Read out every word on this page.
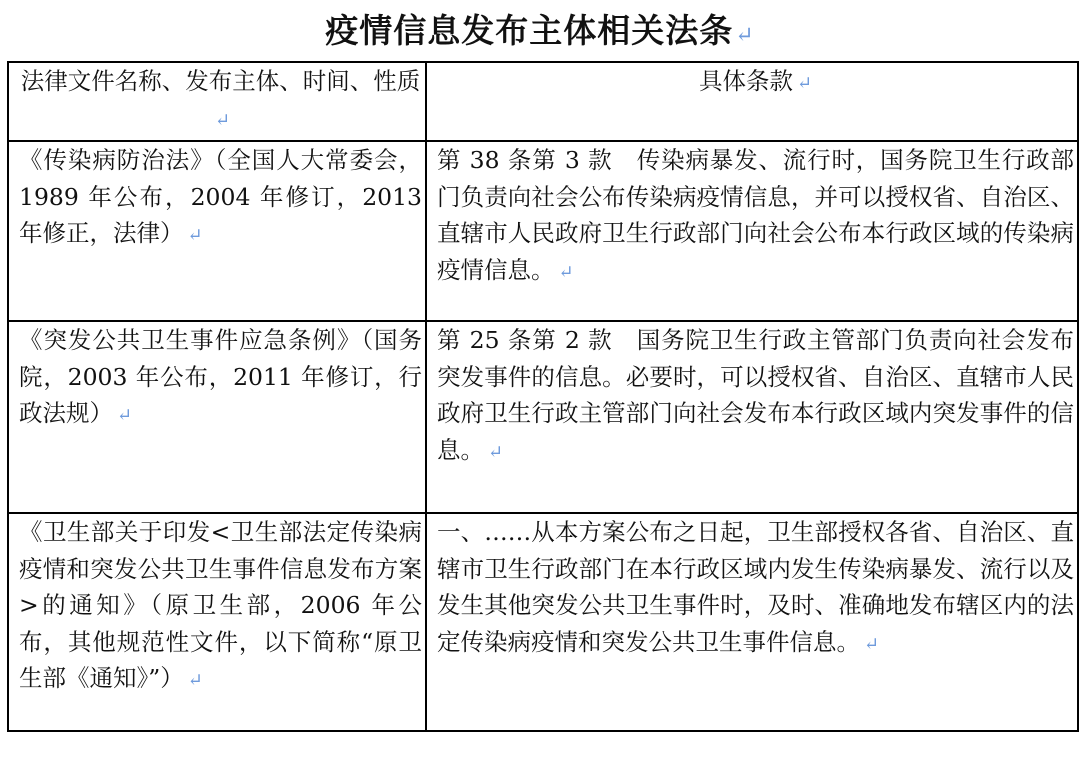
疫情信息发布主体相关法条↵
法律文件名称、发布主体、时间、性质↵	具体条款 ↵
《传染病防治法》（全国人大常委会，1989 年公布，2004 年修订，2013 年修正，法律） ↵	第 38 条第 3 款　传染病暴发、流行时，国务院卫生行政部门负责向社会公布传染病疫情信息，并可以授权省、自治区、直辖市人民政府卫生行政部门向社会公布本行政区域的传染病疫情信息。 ↵
《突发公共卫生事件应急条例》（国务院，2003 年公布，2011 年修订，行政法规） ↵	第 25 条第 2 款　国务院卫生行政主管部门负责向社会发布突发事件的信息。必要时，可以授权省、自治区、直辖市人民政府卫生行政主管部门向社会发布本行政区域内突发事件的信息。 ↵
《卫生部关于印发<卫生部法定传染病疫情和突发公共卫生事件信息发布方案>的通知》（原卫生部，2006 年公布，其他规范性文件，以下简称“原卫生部《通知》”） ↵	一、……从本方案公布之日起，卫生部授权各省、自治区、直辖市卫生行政部门在本行政区域内发生传染病暴发、流行以及发生其他突发公共卫生事件时，及时、准确地发布辖区内的法定传染病疫情和突发公共卫生事件信息。 ↵
